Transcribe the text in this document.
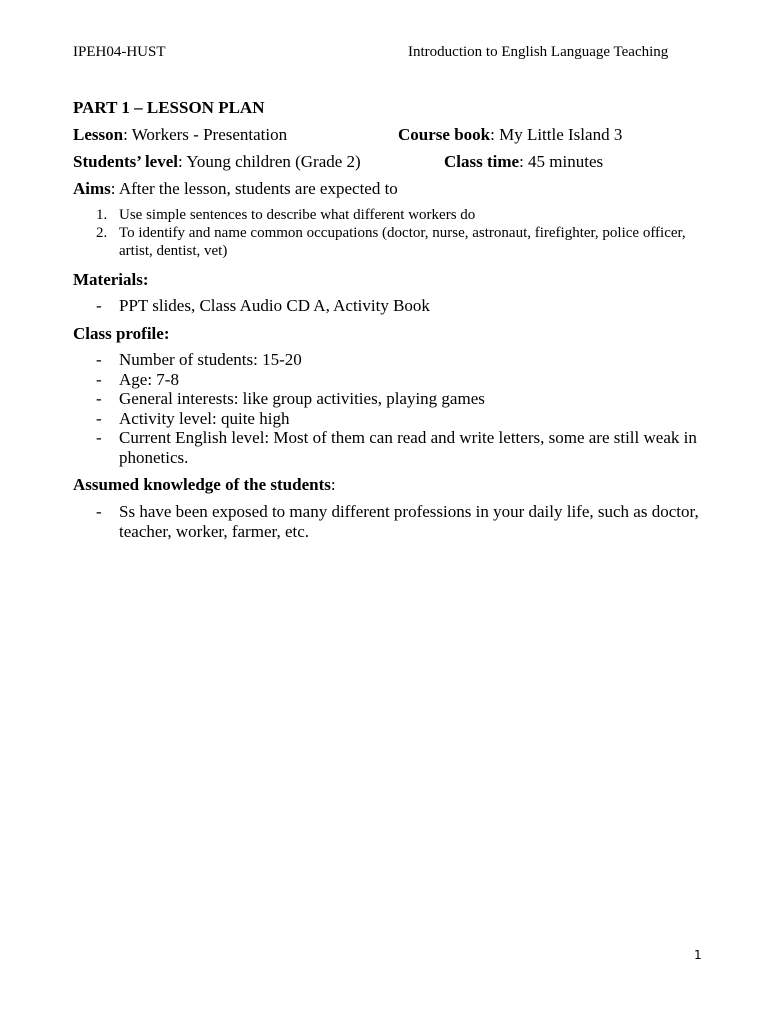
IPEH04-HUST	Introduction to English Language Teaching
PART 1 – LESSON PLAN
Lesson: Workers - Presentation	Course book: My Little Island 3
Students’ level: Young children (Grade 2)	Class time: 45 minutes
Aims: After the lesson, students are expected to
1. Use simple sentences to describe what different workers do
2. To identify and name common occupations (doctor, nurse, astronaut, firefighter, police officer, artist, dentist, vet)
Materials:
- PPT slides, Class Audio CD A, Activity Book
Class profile:
- Number of students: 15-20
- Age: 7-8
- General interests: like group activities, playing games
- Activity level: quite high
- Current English level: Most of them can read and write letters, some are still weak in phonetics.
Assumed knowledge of the students:
- Ss have been exposed to many different professions in your daily life, such as doctor, teacher, worker, farmer, etc.
1
